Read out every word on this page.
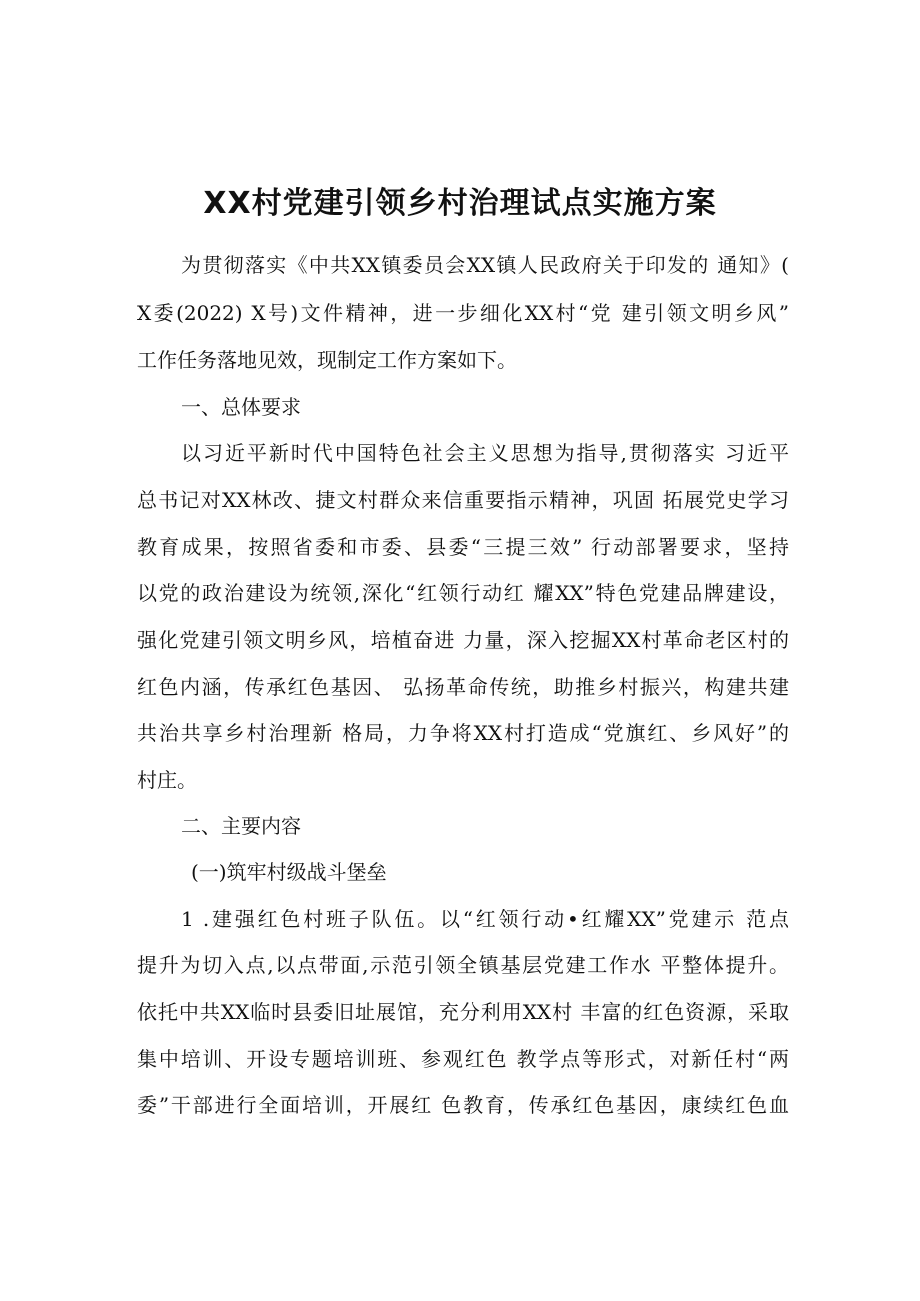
XX村党建引领乡村治理试点实施方案
为贯彻落实《中共XX镇委员会XX镇人民政府关于印发的 通知》(
X委(2022) X号)文件精神，进一步细化XX村“党 建引领文明乡风”
工作任务落地见效，现制定工作方案如下。
一、总体要求
以习近平新时代中国特色社会主义思想为指导,贯彻落实 习近平
总书记对XX林改、捷文村群众来信重要指示精神，巩固 拓展党史学习
教育成果，按照省委和市委、县委“三提三效” 行动部署要求，坚持
以党的政治建设为统领,深化“红领行动红 耀XX”特色党建品牌建设，
强化党建引领文明乡风，培植奋进 力量，深入挖掘XX村革命老区村的
红色内涵，传承红色基因、 弘扬革命传统，助推乡村振兴，构建共建
共治共享乡村治理新 格局，力争将XX村打造成“党旗红、乡风好”的
村庄。
二、主要内容
(一)筑牢村级战斗堡垒
1 .建强红色村班子队伍。以“红领行动•红耀XX”党建示 范点
提升为切入点,以点带面,示范引领全镇基层党建工作水 平整体提升。
依托中共XX临时县委旧址展馆，充分利用XX村 丰富的红色资源，采取
集中培训、开设专题培训班、参观红色 教学点等形式，对新任村“两
委”干部进行全面培训，开展红 色教育，传承红色基因，康续红色血
